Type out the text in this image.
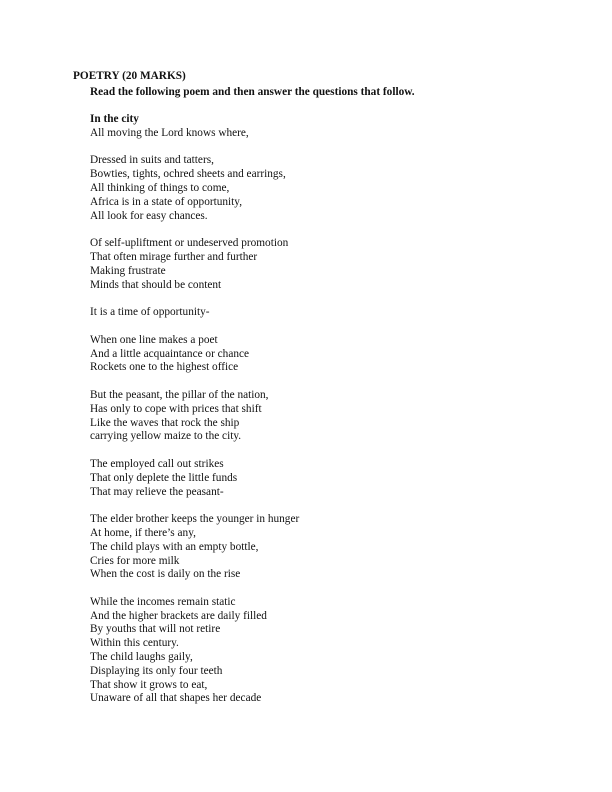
POETRY (20 MARKS)
Read the following poem and then answer the questions that follow.
In the city
All moving the Lord knows where,
Dressed in suits and tatters,
Bowties, tights, ochred sheets and earrings,
All thinking of things to come,
Africa is in a state of opportunity,
All look for easy chances.
Of self-upliftment or undeserved promotion
That often mirage further and further
Making frustrate
Minds that should be content
It is a time of opportunity-
When one line makes a poet
And a little acquaintance or chance
Rockets one to the highest office
But the peasant, the pillar of the nation,
Has only to cope with prices that shift
Like the waves that rock the ship
carrying yellow maize to the city.
The employed call out strikes
That only deplete the little funds
That may relieve the peasant-
The elder brother keeps the younger in hunger
At home, if there’s any,
The child plays with an empty bottle,
Cries for more milk
When the cost is daily on the rise
While the incomes remain static
And the higher brackets are daily filled
By youths that will not retire
Within this century.
The child laughs gaily,
Displaying its only four teeth
That show it grows to eat,
Unaware of all that shapes her decade
